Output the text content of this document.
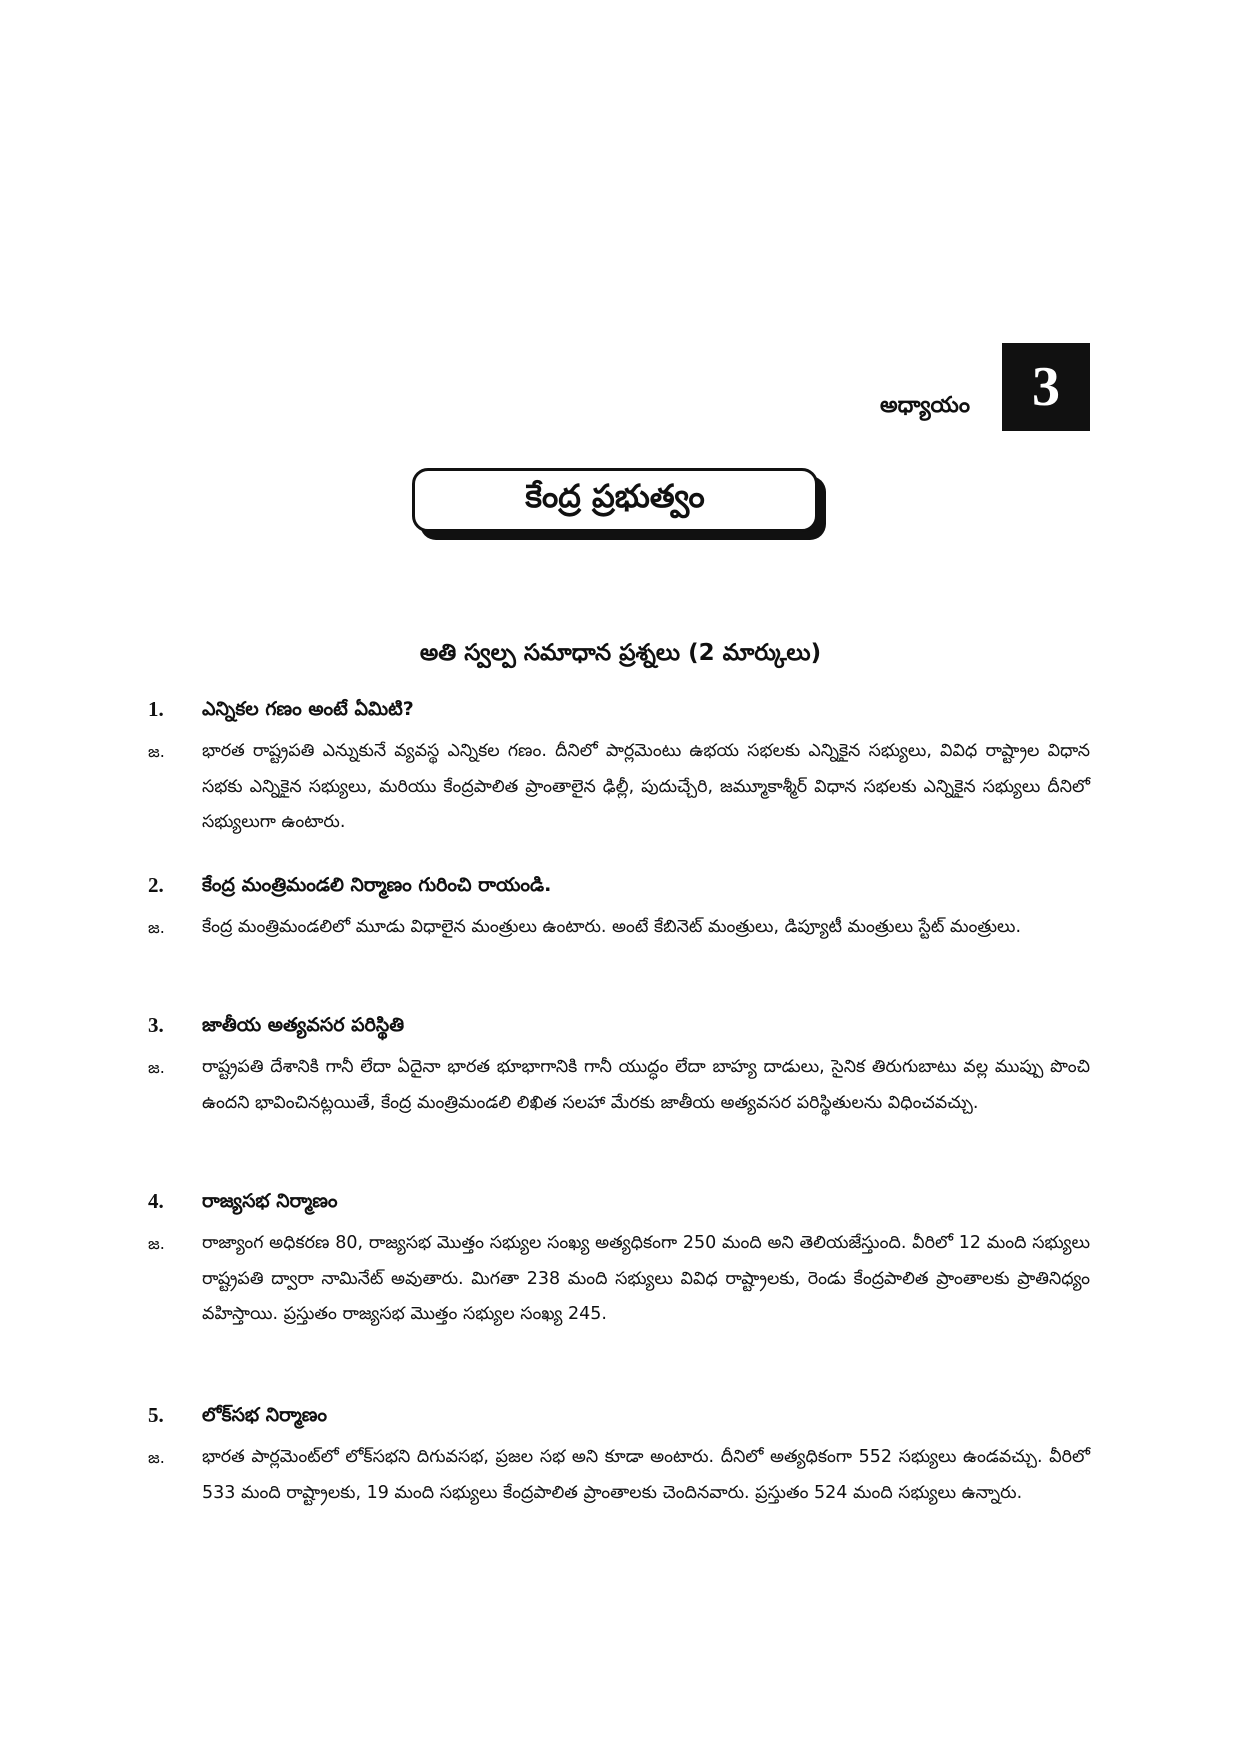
అధ్యాయం 3
కేంద్ర ప్రభుత్వం
అతి స్వల్ప సమాధాన ప్రశ్నలు (2 మార్కులు)
1.	ఎన్నికల గణం అంటే ఏమిటి?
జ.	భారత రాష్ట్రపతి ఎన్నుకునే వ్యవస్థ ఎన్నికల గణం. దీనిలో పార్లమెంటు ఉభయ సభలకు ఎన్నికైన సభ్యులు, వివిధ రాష్ట్రాల విధాన సభకు ఎన్నికైన సభ్యులు, మరియు కేంద్రపాలిత ప్రాంతాలైన ఢిల్లీ, పుదుచ్చేరి, జమ్మూకాశ్మీర్ విధాన సభలకు ఎన్నికైన సభ్యులు దీనిలో సభ్యులుగా ఉంటారు.
2.	కేంద్ర మంత్రిమండలి నిర్మాణం గురించి రాయండి.
జ.	కేంద్ర మంత్రిమండలిలో మూడు విధాలైన మంత్రులు ఉంటారు. అంటే కేబినెట్ మంత్రులు, డిప్యూటీ మంత్రులు స్టేట్ మంత్రులు.
3.	జాతీయ అత్యవసర పరిస్థితి
జ.	రాష్ట్రపతి దేశానికి గానీ లేదా ఏదైనా భారత భూభాగానికి గానీ యుద్ధం లేదా బాహ్య దాడులు, సైనిక తిరుగుబాటు వల్ల ముప్పు పొంచి ఉందని భావించినట్లయితే, కేంద్ర మంత్రిమండలి లిఖిత సలహా మేరకు జాతీయ అత్యవసర పరిస్థితులను విధించవచ్చు.
4.	రాజ్యసభ నిర్మాణం
జ.	రాజ్యాంగ అధికరణ 80, రాజ్యసభ మొత్తం సభ్యుల సంఖ్య అత్యధికంగా 250 మంది అని తెలియజేస్తుంది. వీరిలో 12 మంది సభ్యులు రాష్ట్రపతి ద్వారా నామినేట్ అవుతారు. మిగతా 238 మంది సభ్యులు వివిధ రాష్ట్రాలకు, రెండు కేంద్రపాలిత ప్రాంతాలకు ప్రాతినిధ్యం వహిస్తాయి. ప్రస్తుతం రాజ్యసభ మొత్తం సభ్యుల సంఖ్య 245.
5.	లోక్‌సభ నిర్మాణం
జ.	భారత పార్లమెంట్‌లో లోక్‌సభని దిగువసభ, ప్రజల సభ అని కూడా అంటారు. దీనిలో అత్యధికంగా 552 సభ్యులు ఉండవచ్చు. వీరిలో 533 మంది రాష్ట్రాలకు, 19 మంది సభ్యులు కేంద్రపాలిత ప్రాంతాలకు చెందినవారు. ప్రస్తుతం 524 మంది సభ్యులు ఉన్నారు.
